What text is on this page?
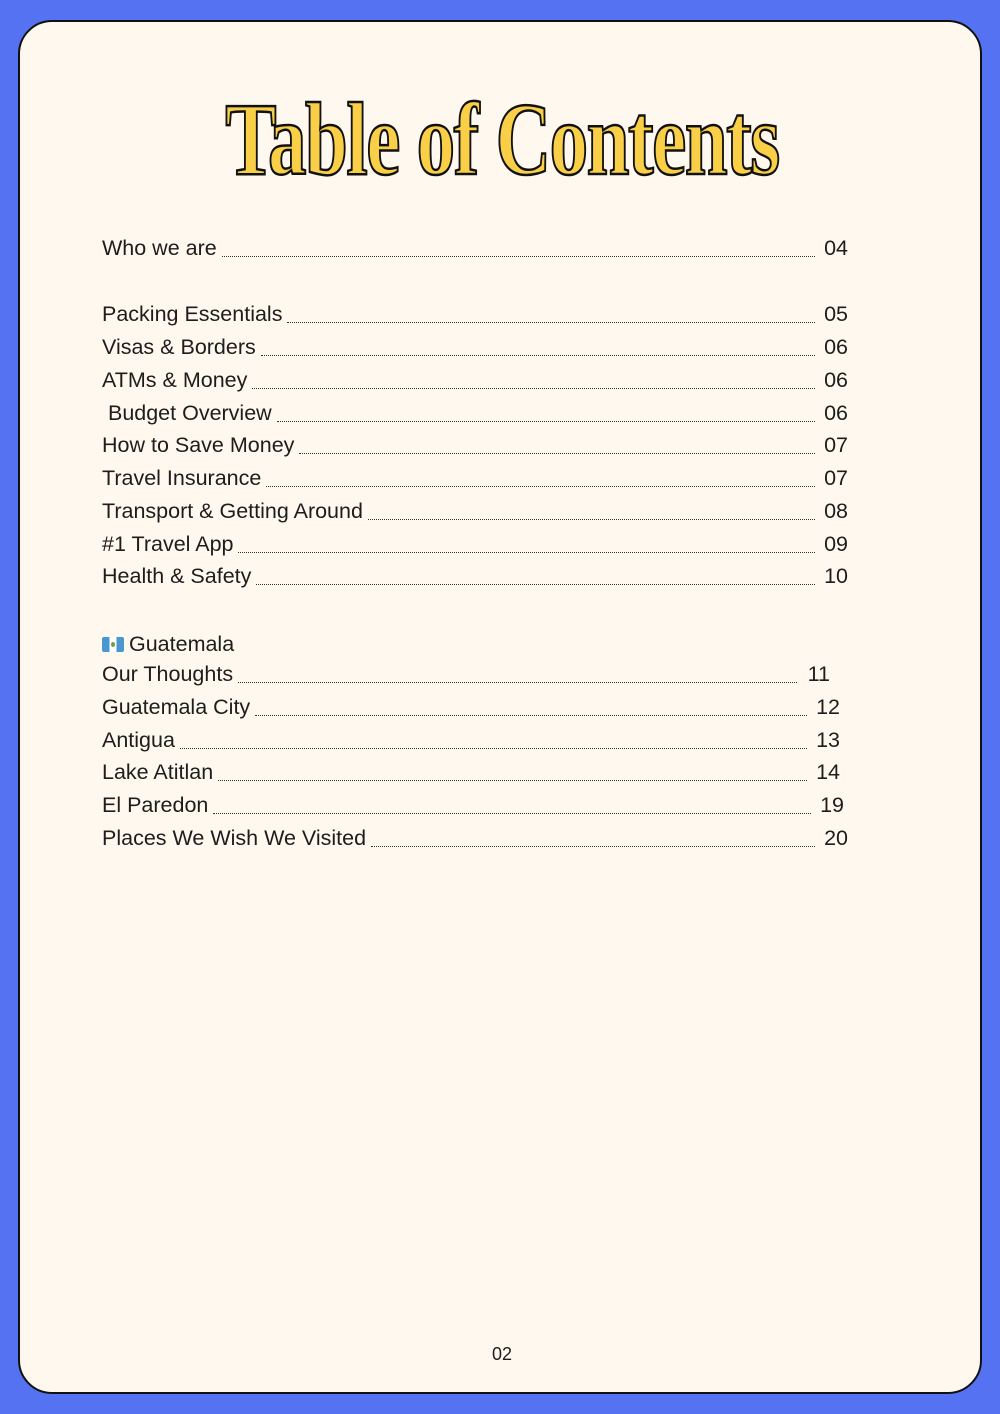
Table of Contents
Who we are	04
Packing Essentials	05
Visas & Borders	06
ATMs & Money	06
Budget Overview	06
How to Save Money	07
Travel Insurance	07
Transport & Getting Around	08
#1 Travel App	09
Health & Safety	10
Guatemala
Our Thoughts	11
Guatemala City	12
Antigua	13
Lake Atitlan	14
El Paredon	19
Places We Wish We Visited	20
02
